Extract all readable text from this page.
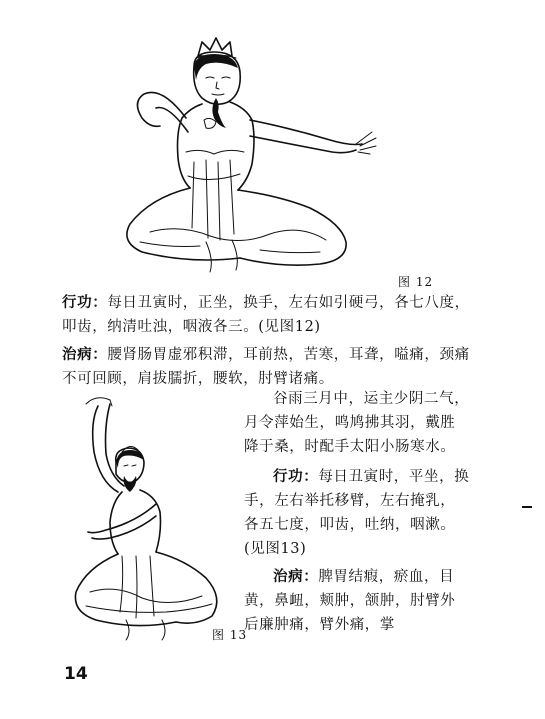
图 12

行功：每日丑寅时，正坐，换手，左右如引硬弓，各七八度，叩齿，纳清吐浊，咽液各三。(见图12)

治病：腰肾肠胃虚邪积滞，耳前热，苦寒，耳聋，嗌痛，颈痛不可回顾，肩拔臑折，腰软，肘臂诸痛。

图 13

谷雨三月中，运主少阴二气，月令萍始生，鸣鸠拂其羽，戴胜降于桑，时配手太阳小肠寒水。

行功：每日丑寅时，平坐，换手，左右举托移臂，左右掩乳，各五七度，叩齿，吐纳，咽漱。(见图13)

治病：脾胃结瘕，瘀血，目黄，鼻衄，颊肿，颔肿，肘臂外后廉肿痛，臂外痛，掌

14
